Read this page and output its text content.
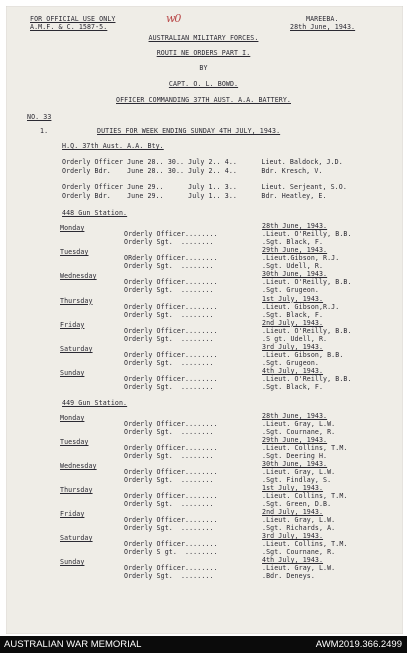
FOR OFFICIAL USE ONLY
A.M.F. & C. 1587-5.
w0	MAREEBA.
28th June, 1943.
AUSTRALIAN MILITARY FORCES.
ROUTI NE ORDERS PART I.
BY
CAPT. O. L. BOWD.
OFFICER COMMANDING 37TH AUST. A.A. BATTERY.
NO. 33
1.	DUTIES FOR WEEK ENDING SUNDAY 4TH JULY, 1943.
H.Q. 37th Aust. A.A. Bty.
Orderly Officer June 28.. 30.. July 2.. 4..      Lieut. Baldock, J.D.
Orderly Bdr.    June 28.. 30.. July 2.. 4..      Bdr. Kresch, V.
Orderly Officer June 29..      July 1.. 3..      Lieut. Serjeant, S.O.
Orderly Bdr.    June 29..      July 1.. 3..      Bdr. Heatley, E.
448 Gun Station.
Monday	28th June, 1943.
Orderly Officer........	.Lieut. O'Reilly, B.B.
Orderly Sgt.  ........	.Sgt. Black, F.
Tuesday	29th June, 1943.
ORderly Officer........	.Lieut.Gibson, R.J.
Orderly Sgt.  ........	.Sgt. Udell, R.
Wednesday	30th June, 1943.
Orderly Officer........	.Lieut. O'Reilly, B.B.
Orderly Sgt.  ........	.Sgt. Grugeon.
Thursday	1st July, 1943.
Orderly Officer........	.Lieut. Gibson,R.J.
Orderly Sgt.  ........	.Sgt. Black, F.
Friday	2nd July, 1943.
Orderly Officer........	.Lieut. O'Reilly, B.B.
Orderly Sgt.  ........	.S gt. Udell, R.
Saturday	3rd July, 1943.
Orderly Officer........	.Lieut. Gibson, B.B.
Orderly Sgt.  ........	.Sgt. Grugeon.
Sunday	4th July, 1943.
Orderly Officer........	.Lieut. O'Reilly, B.B.
Orderly Sgt.  ........	.Sgt. Black, F.
449 Gun Station.
Monday	28th June, 1943.
Orderly Officer........	.Lieut. Gray, L.W.
Orderly Sgt.  ........	.Sgt. Cournane, R.
Tuesday	29th June, 1943.
Orderly Officer........	.Lieut. Collins, T.M.
Orderly Sgt.  ........	.Sgt. Deering H.
Wednesday	30th June, 1943.
Orderly Officer........	.Lieut. Gray, L.W.
Orderly Sgt.  ........	.Sgt. Findlay, S.
Thursday	1st July, 1943.
Orderly Officer........	.Lieut. Collins, T.M.
Orderly Sgt.  ........	.Sgt. Green, D.B.
Friday	2nd July, 1943.
Orderly Officer........	.Lieut. Gray, L.W.
Orderly Sgt.  ........	.Sgt. Richards, A.
Saturday	3rd July, 1943.
Orderly Officer........	.Lieut. Collins, T.M.
Orderly S gt.  ........	.Sgt. Cournane, R.
Sunday	4th July, 1943.
Orderly Officer........	.Lieut. Gray, L.W.
Orderly Sgt.  ........	.Bdr. Deneys.
AUSTRALIAN WAR MEMORIAL	AWM2019.366.2499
